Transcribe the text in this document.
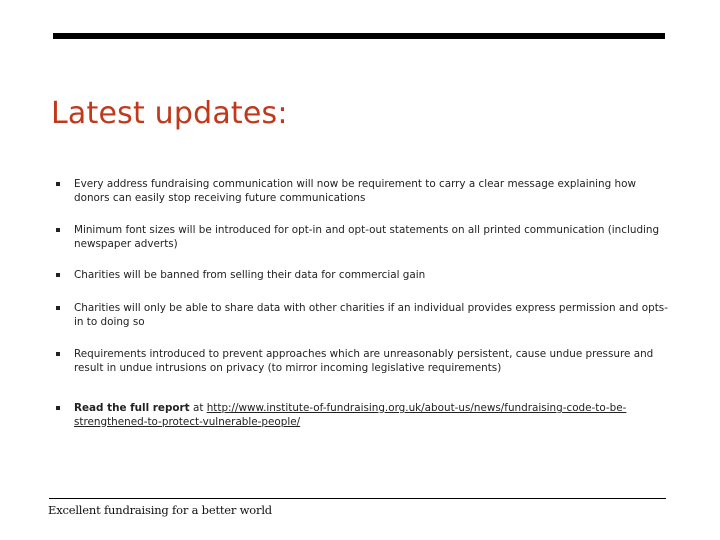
Latest updates:
Every address fundraising communication will now be requirement to carry a clear message explaining how donors can easily stop receiving future communications
Minimum font sizes will be introduced for opt-in and opt-out statements on all printed communication (including newspaper adverts)
Charities will be banned from selling their data for commercial gain
Charities will only be able to share data with other charities if an individual provides express permission and opts-in to doing so
Requirements introduced to prevent approaches which are unreasonably persistent, cause undue pressure and result in undue intrusions on privacy (to mirror incoming legislative requirements)
Read the full report at http://www.institute-of-fundraising.org.uk/about-us/news/fundraising-code-to-be-strengthened-to-protect-vulnerable-people/
Excellent fundraising for a better world
